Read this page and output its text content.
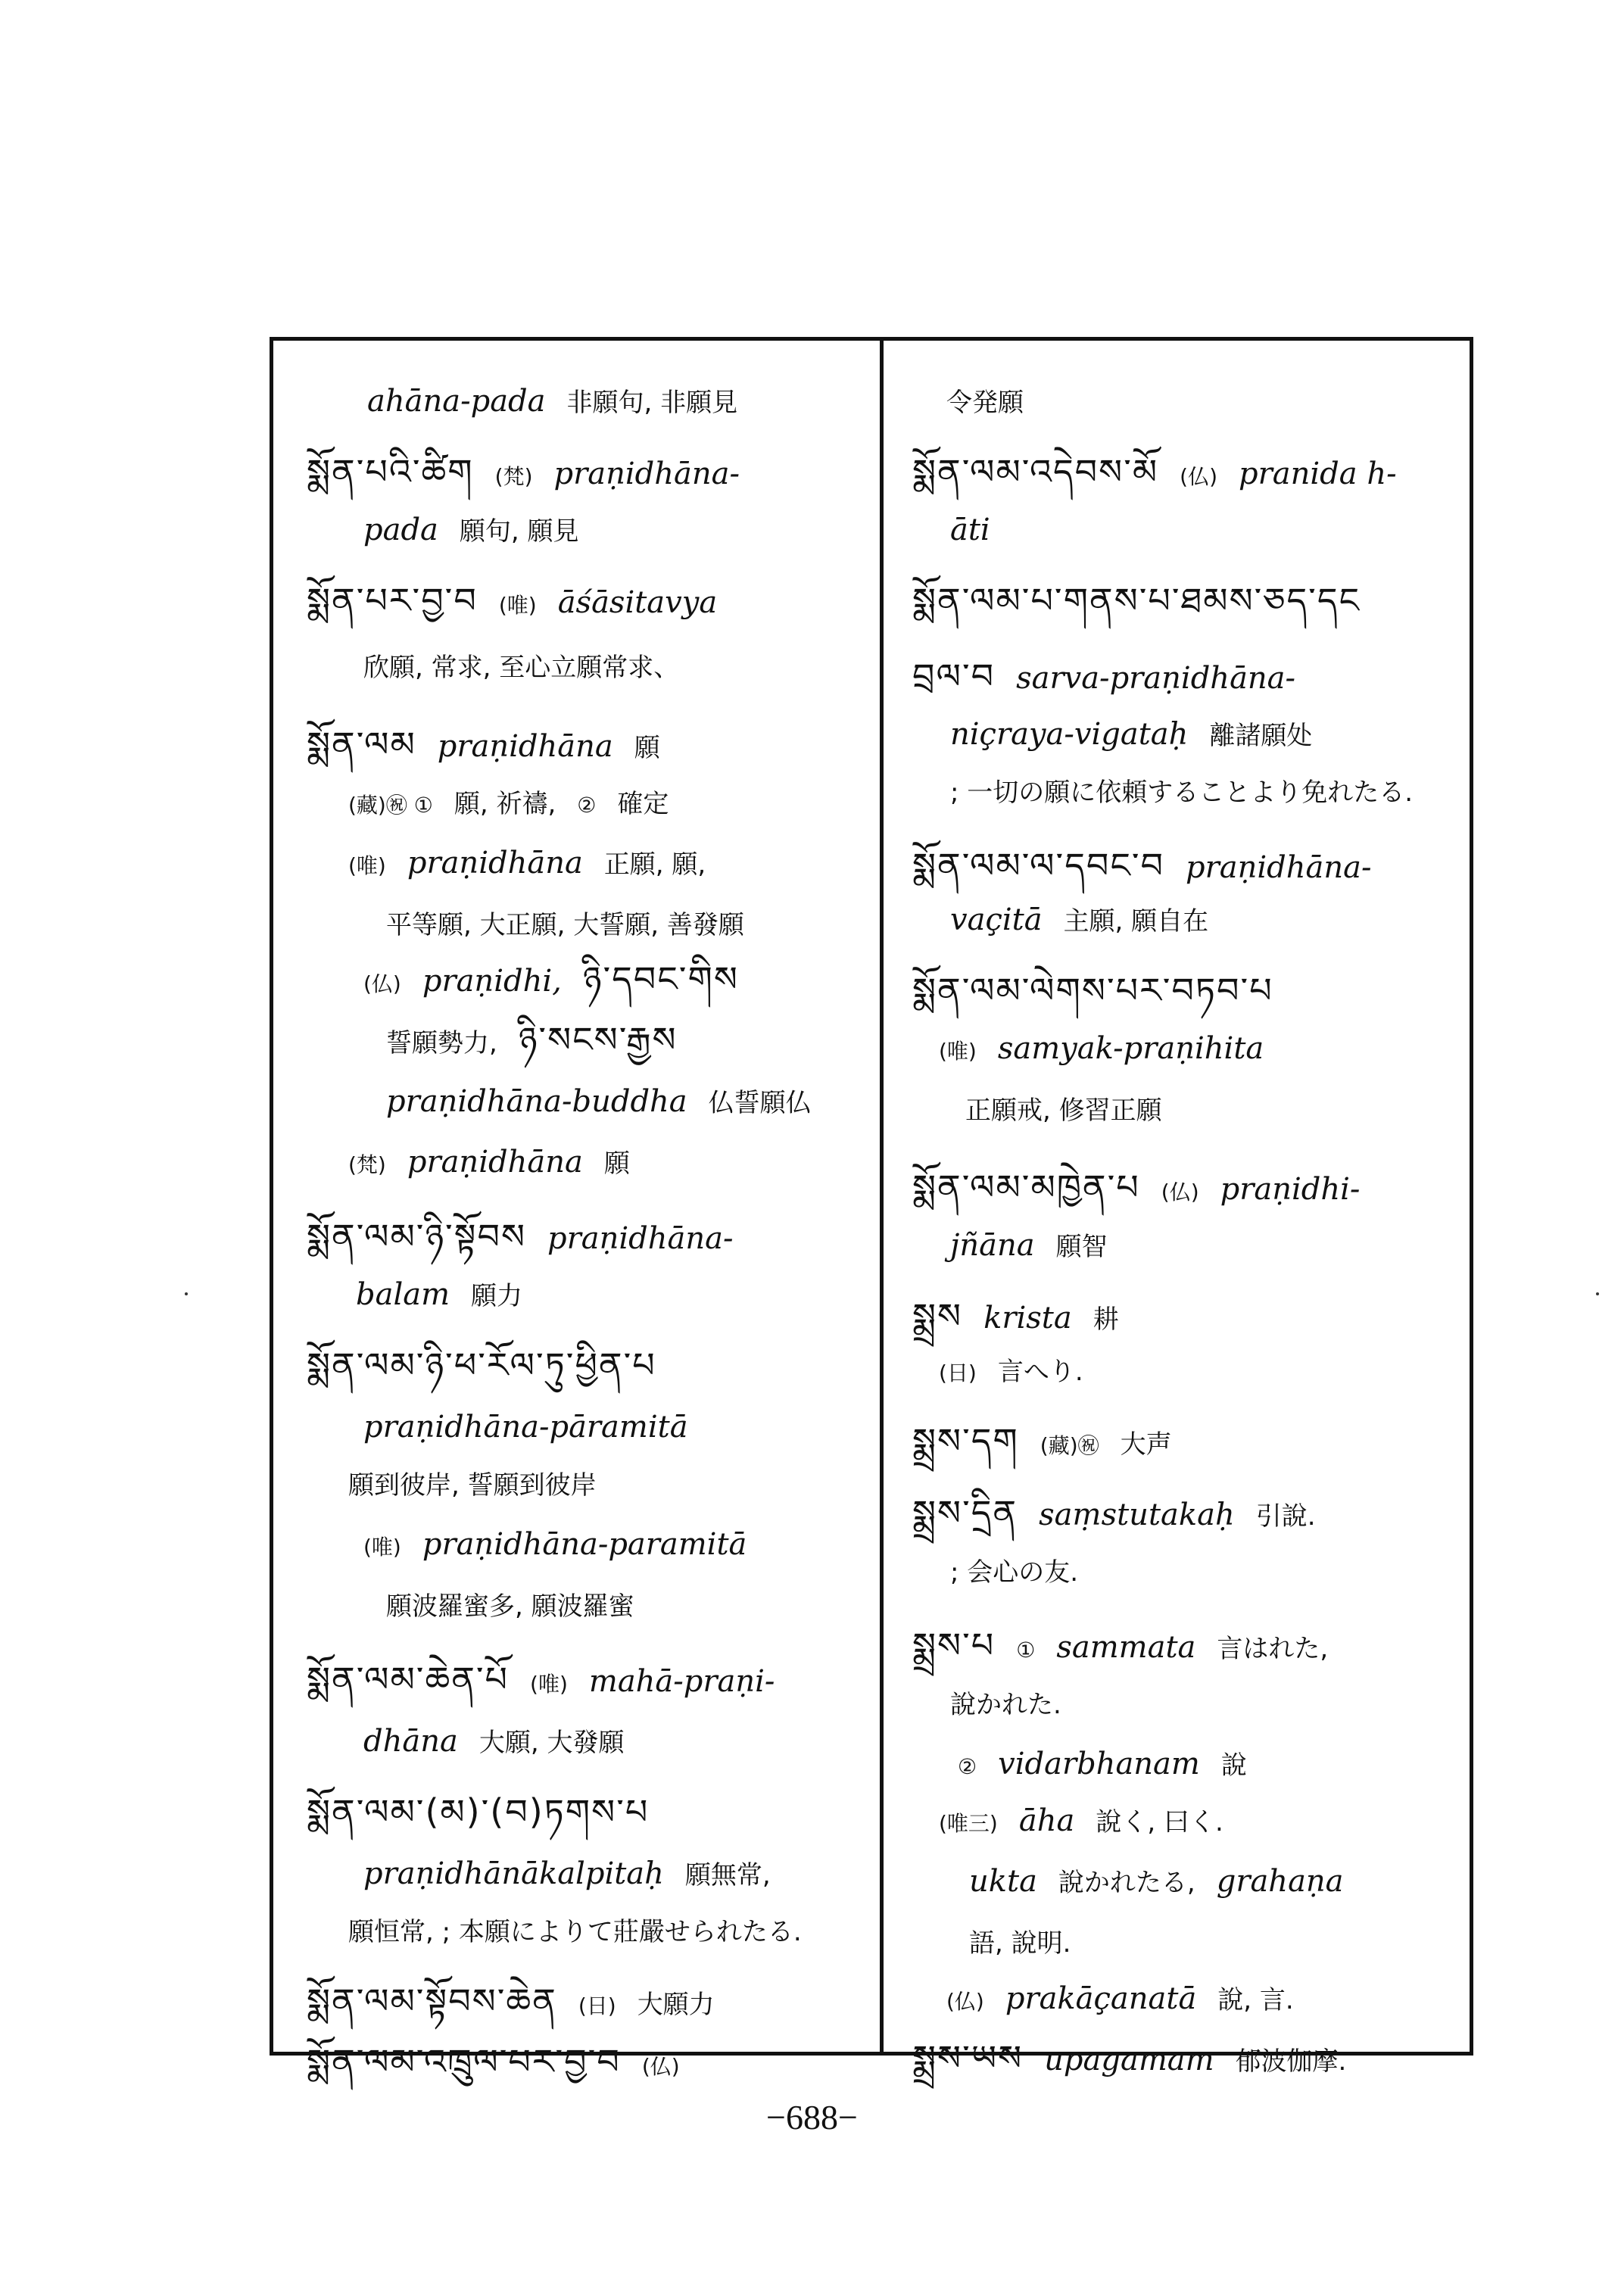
ahāna-pada 非願句, 非願見
སྨོན་པའི་ཚིག (梵) praṇidhāna-
pada 願句, 願見
སྨོན་པར་བྱ་བ (唯) āśāsitavya
欣願, 常求, 至心立願常求、
སྨོན་ལམ praṇidhāna 願
(藏)㊗ ① 願, 祈禱, ② 確定
(唯) praṇidhāna 正願, 願,
平等願, 大正願, 大誓願, 善發願
(仏) praṇidhi, ཉི་དབང་གིས
誓願勢力, ཉི་སངས་རྒྱས
praṇidhāna-buddha 仏誓願仏
(梵) praṇidhāna 願
སྨོན་ལམ་ཉི་སྟོབས praṇidhāna-
balam 願力
སྨོན་ལམ་ཉི་ཕ་རོལ་ཏུ་ཕྱིན་པ
praṇidhāna-pāramitā
願到彼岸, 誓願到彼岸
(唯) praṇidhāna-paramitā
願波羅蜜多, 願波羅蜜
སྨོན་ལམ་ཆེན་པོ (唯) mahā-praṇi-
dhāna 大願, 大發願
སྨོན་ལམ་(མ)་(བ)ཏགས་པ
praṇidhānākalpitaḥ 願無常,
願恒常, ; 本願によりて莊嚴せられたる.
སྨོན་ལམ་སྟོབས་ཆེན (日) 大願力
སྨོན་ལམ་འཁྲུལ་པར་བྱ་བ (仏)
令発願
སྨོན་ལམ་འདེབས་མོ (仏) pranida h-
āti
སྨོན་ལམ་པ་གནས་པ་ཐམས་ཅད་དང
བྲལ་བ sarva-praṇidhāna-
niçraya-vigataḥ 離諸願处
; 一切の願に依頼することより免れたる.
སྨོན་ལམ་ལ་དབང་བ praṇidhāna-
vaçitā 主願, 願自在
སྨོན་ལམ་ལེགས་པར་བཏབ་པ
(唯) samyak-praṇihita
正願戒, 修習正願
སྨོན་ལམ་མཁྱེན་པ (仏) praṇidhi-
jñāna 願智
སྨྲས krista 耕
(日) 言へり.
སྨྲས་དག (藏)㊗ 大声
སྨྲས་དྲིན saṃstutakaḥ 引說.
; 会心の友.
སྨྲས་པ ① sammata 言はれた,
說かれた.
② vidarbhanam 說
(唯三) āha 說く, 曰く.
ukta 說かれたる, grahaṇa
語, 說明.
(仏) prakāçanatā 說, 言.
སྨྲས་ཡས upagamam 郁波伽摩.
−688−
